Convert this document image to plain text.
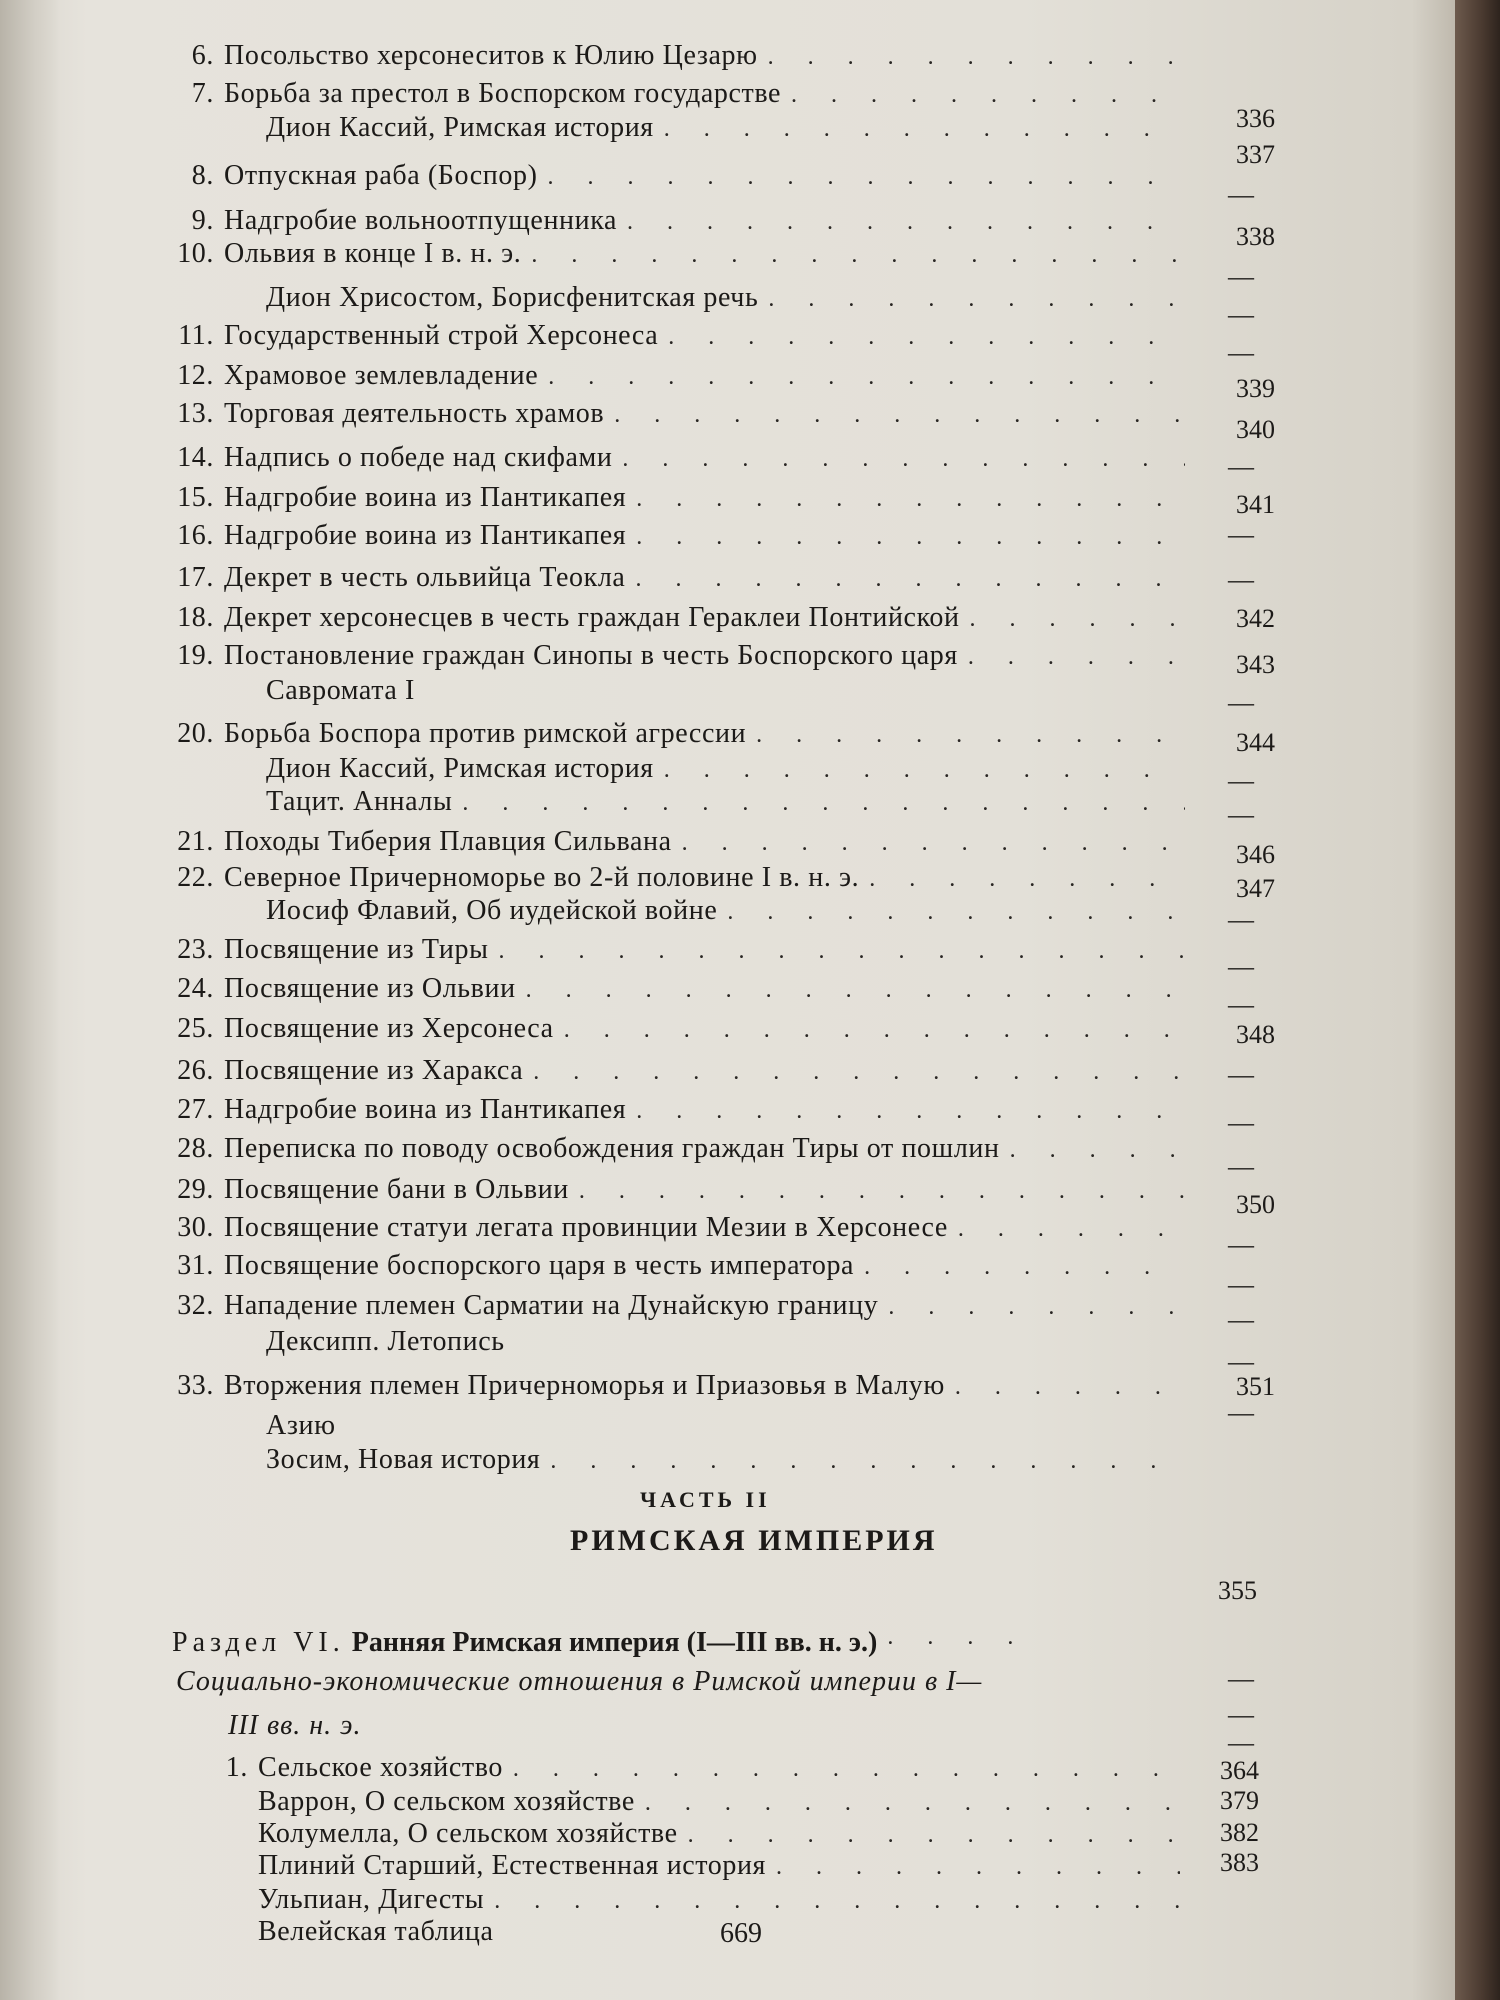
6. Посольство херсонеситов к Юлию Цезарю
. . .
7. Борьба за престол в Боспорском государстве
. . .
Дион Кассий, Римская история
. . .
8. Отпускная раба (Боспор)
. . .
9. Надгробие вольноотпущенника
. . .
10. Ольвия в конце I в. н. э.
. . .
Дион Хрисостом, Борисфенитская речь
. . .
11. Государственный строй Херсонеса
. . .
12. Храмовое землевладение
. . .
13. Торговая деятельность храмов
. . .
14. Надпись о победе над скифами
. . .
15. Надгробие воина из Пантикапея
. . .
16. Надгробие воина из Пантикапея
. . .
17. Декрет в честь ольвийца Теокла
. . .
18. Декрет херсонесцев в честь граждан Гераклеи Понтийской
. . .
19. Постановление граждан Синопы в честь Боспорского царя
. . .
Савромата I
20. Борьба Боспора против римской агрессии
. . .
Дион Кассий, Римская история
. . .
Тацит. Анналы
. . .
21. Походы Тиберия Плавция Сильвана
. . .
22. Северное Причерноморье во 2-й половине I в. н. э.
. . .
Иосиф Флавий, Об иудейской войне
. . .
23. Посвящение из Тиры
. . .
24. Посвящение из Ольвии
. . .
25. Посвящение из Херсонеса
. . .
26. Посвящение из Харакса
. . .
27. Надгробие воина из Пантикапея
. . .
28. Переписка по поводу освобождения граждан Тиры от пошлин
. . .
29. Посвящение бани в Ольвии
. . .
30. Посвящение статуи легата провинции Мезии в Херсонесе
. . .
31. Посвящение боспорского царя в честь императора
. . .
32. Нападение племен Сарматии на Дунайскую границу
. . .
Дексипп. Летопись
33. Вторжения племен Причерноморья и Приазовья в Малую
. . .
Азию
Зосим, Новая история
. . .
336
337
—
338
—
—
—
339
340
—
341
—
—
342
343
—
344
—
—
346
347
—
—
—
348
—
—
—
350
—
—
—
—
351
—
ЧАСТЬ II
РИМСКАЯ ИМПЕРИЯ
355
Раздел VI. Ранняя Римская империя (I—III вв. н. э.). . .
Социально-экономические отношения в Римской империи в I—
III вв. н. э.
1. Сельское хозяйство
. . .
Варрон, О сельском хозяйстве
. . .
Колумелла, О сельском хозяйстве
. . .
Плиний Старший, Естественная история
. . .
Ульпиан, Дигесты
. . .
Велейская таблица
—
—
—
364
379
382
383
669
